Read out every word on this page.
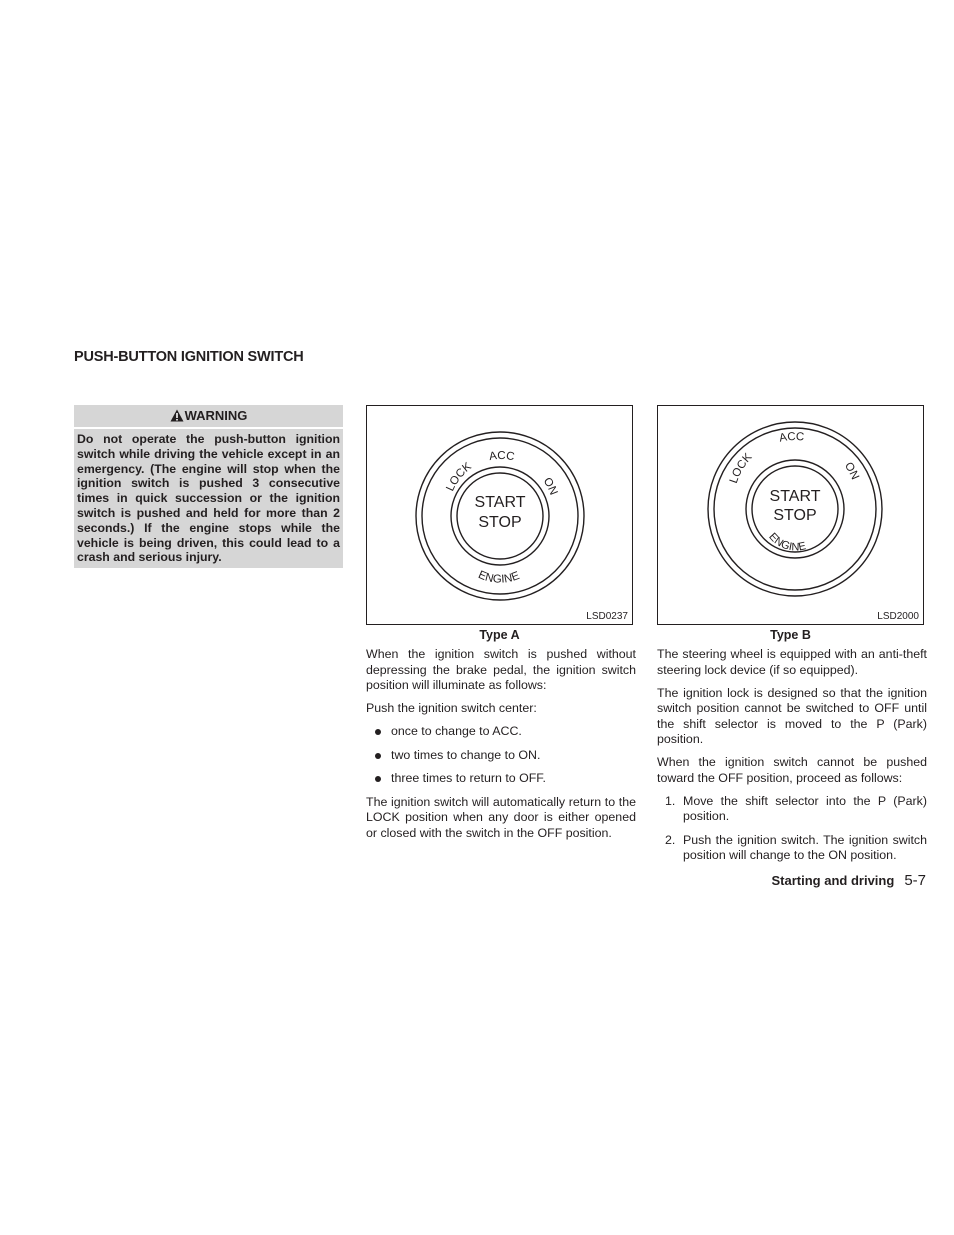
PUSH-BUTTON IGNITION SWITCH
WARNING

Do not operate the push-button ignition switch while driving the vehicle except in an emergency. (The engine will stop when the ignition switch is pushed 3 consecutive times in quick succession or the ignition switch is pushed and held for more than 2 seconds.) If the engine stops while the vehicle is being driven, this could lead to a crash and serious injury.

LOCK
ACC
ON
ENGINE
START
STOP
LSD0237
Type A
LOCK
ACC
ON
ENGINE
START
STOP
LSD2000
Type B

When the ignition switch is pushed without depressing the brake pedal, the ignition switch position will illuminate as follows:

Push the ignition switch center:

once to change to ACC.
two times to change to ON.
three times to return to OFF.

The ignition switch will automatically return to the LOCK position when any door is either opened or closed with the switch in the OFF position.

The steering wheel is equipped with an anti-theft steering lock device (if so equipped).

The ignition lock is designed so that the ignition switch position cannot be switched to OFF until the shift selector is moved to the P (Park) position.

When the ignition switch cannot be pushed toward the OFF position, proceed as follows:

1. Move the shift selector into the P (Park) position.
2. Push the ignition switch. The ignition switch position will change to the ON position.
Starting and driving 5-7
